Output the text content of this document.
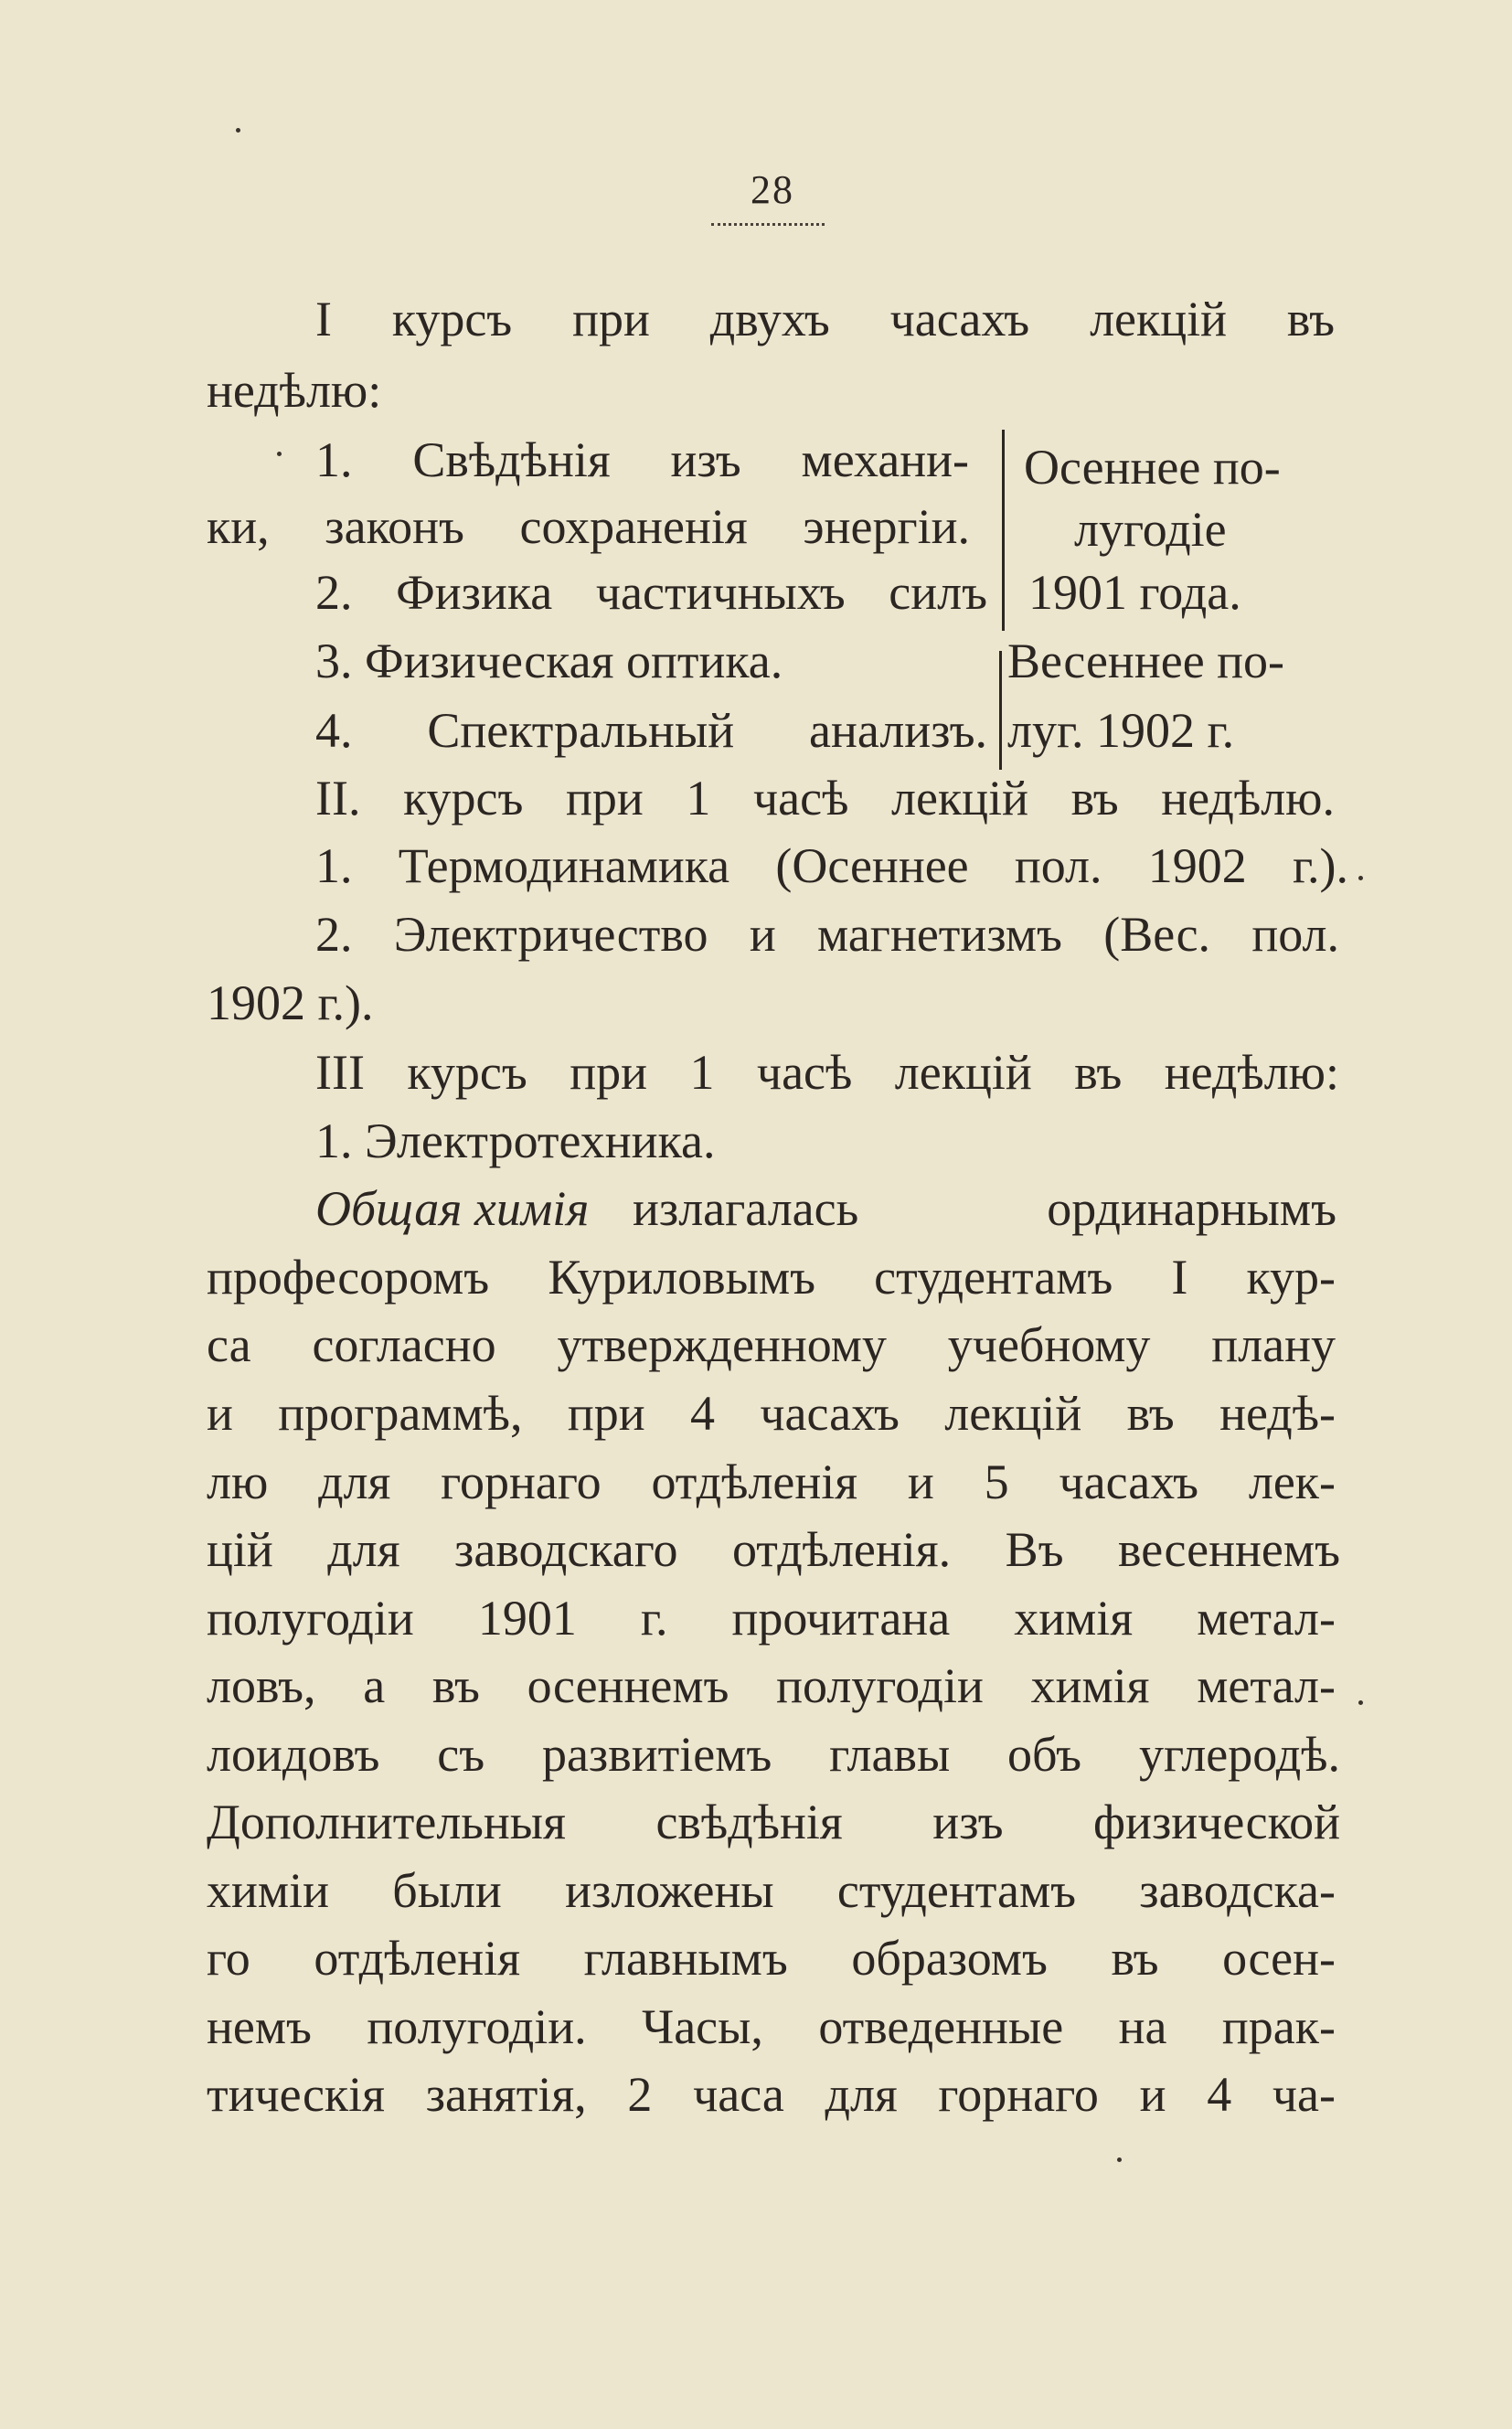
28
I курсъ при двухъ часахъ лекцій въ
недѣлю:
1. Свѣдѣнія изъ механи-
ки, законъ сохраненія энергіи.
2. Физика частичныхъ силъ
3. Физическая оптика.
4. Спектральный анализъ.
Осеннее по-
лугодіе
1901 года.
Весеннее по-
луг. 1902 г.
II. курсъ при 1 часѣ лекцій въ недѣлю.
1. Термодинамика (Осеннее пол. 1902 г.).
2. Электричество и магнетизмъ (Вес. пол.
1902 г.).
III курсъ при 1 часѣ лекцій въ недѣлю:
1. Электротехника.
Общая химія излагалась ординарнымъ
професоромъ Куриловымъ студентамъ I кур-
са согласно утвержденному учебному плану
и программѣ, при 4 часахъ лекцій въ недѣ-
лю для горнаго отдѣленія и 5 часахъ лек-
цій для заводскаго отдѣленія. Въ весеннемъ
полугодіи 1901 г. прочитана химія метал-
ловъ, а въ осеннемъ полугодіи химія метал-
лоидовъ съ развитіемъ главы объ углеродѣ.
Дополнительныя свѣдѣнія изъ физической
химіи были изложены студентамъ заводска-
го отдѣленія главнымъ образомъ въ осен-
немъ полугодіи. Часы, отведенные на прак-
тическія занятія, 2 часа для горнаго и 4 ча-
